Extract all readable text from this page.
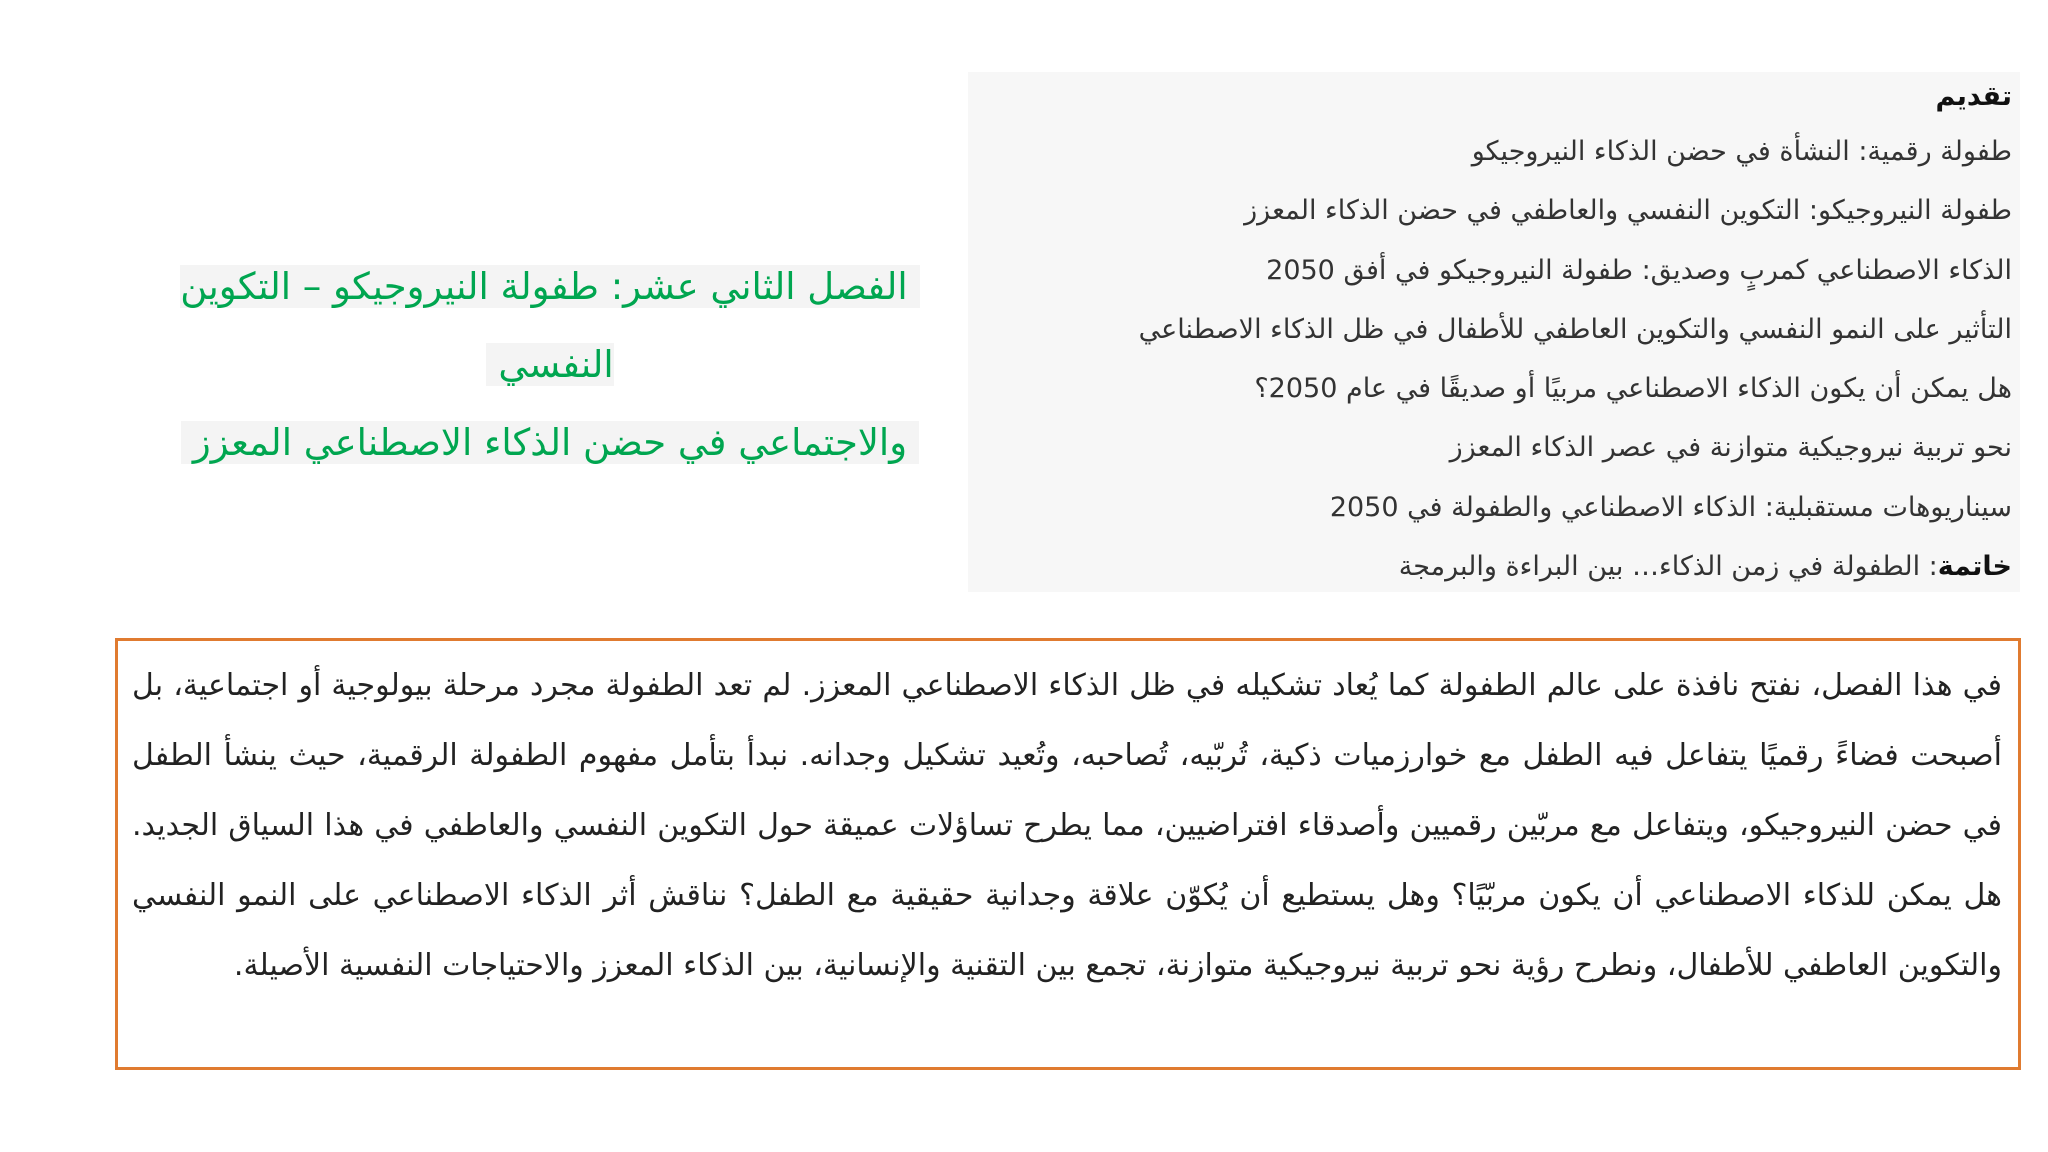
تقديم
طفولة رقمية: النشأة في حضن الذكاء النيروجيكو
طفولة النيروجيكو: التكوين النفسي والعاطفي في حضن الذكاء المعزز
الذكاء الاصطناعي كمربٍ وصديق: طفولة النيروجيكو في أفق 2050
التأثير على النمو النفسي والتكوين العاطفي للأطفال في ظل الذكاء الاصطناعي
هل يمكن أن يكون الذكاء الاصطناعي مربيًا أو صديقًا في عام 2050؟
نحو تربية نيروجيكية متوازنة في عصر الذكاء المعزز
سيناريوهات مستقبلية: الذكاء الاصطناعي والطفولة في 2050
خاتمة: الطفولة في زمن الذكاء… بين البراءة والبرمجة
الفصل الثاني عشر: طفولة النيروجيكو – التكوين النفسي
والاجتماعي في حضن الذكاء الاصطناعي المعزز

في هذا الفصل، نفتح نافذة على عالم الطفولة كما يُعاد تشكيله في ظل الذكاء الاصطناعي المعزز. لم تعد الطفولة مجرد مرحلة بيولوجية أو اجتماعية، بل أصبحت فضاءً رقميًا يتفاعل فيه الطفل مع خوارزميات ذكية، تُربّيه، تُصاحبه، وتُعيد تشكيل وجدانه. نبدأ بتأمل مفهوم الطفولة الرقمية، حيث ينشأ الطفل في حضن النيروجيكو، ويتفاعل مع مربّين رقميين وأصدقاء افتراضيين، مما يطرح تساؤلات عميقة حول التكوين النفسي والعاطفي في هذا السياق الجديد. هل يمكن للذكاء الاصطناعي أن يكون مربّيًا؟ وهل يستطيع أن يُكوّن علاقة وجدانية حقيقية مع الطفل؟ نناقش أثر الذكاء الاصطناعي على النمو النفسي والتكوين العاطفي للأطفال، ونطرح رؤية نحو تربية نيروجيكية متوازنة، تجمع بين التقنية والإنسانية، بين الذكاء المعزز والاحتياجات النفسية الأصيلة.
